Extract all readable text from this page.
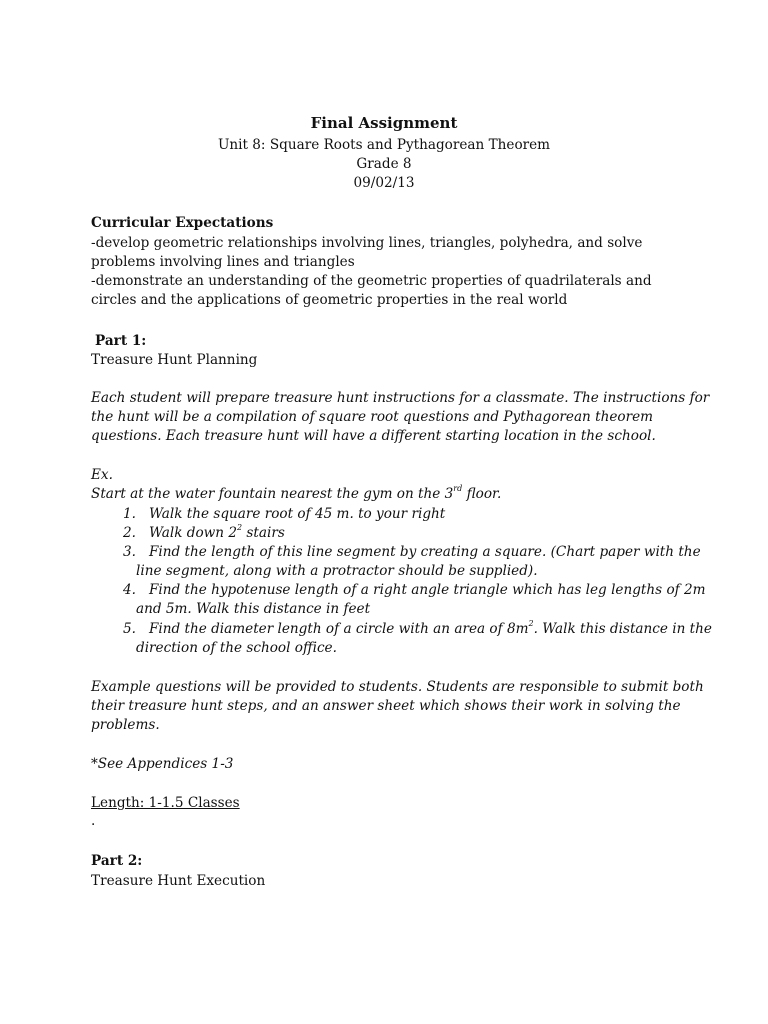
Final Assignment
Unit 8: Square Roots and Pythagorean Theorem
Grade 8
09/02/13
Curricular Expectations
-develop geometric relationships involving lines, triangles, polyhedra, and solve
problems involving lines and triangles
-demonstrate an understanding of the geometric properties of quadrilaterals and
circles and the applications of geometric properties in the real world
Part 1:
Treasure Hunt Planning
Each student will prepare treasure hunt instructions for a classmate. The instructions for
the hunt will be a compilation of square root questions and Pythagorean theorem
questions. Each treasure hunt will have a different starting location in the school.
Ex.
Start at the water fountain nearest the gym on the 3rd floor.
1. Walk the square root of 45 m. to your right
2. Walk down $2^2$ stairs
3. Find the length of this line segment by creating a square. (Chart paper with the
line segment, along with a protractor should be supplied).
4. Find the hypotenuse length of a right angle triangle which has leg lengths of 2m
and 5m. Walk this distance in feet
5. Find the diameter length of a circle with an area of $8m^2$. Walk this distance in the
direction of the school office.
Example questions will be provided to students. Students are responsible to submit both
their treasure hunt steps, and an answer sheet which shows their work in solving the
problems.
*See Appendices 1-3
Length: 1-1.5 Classes
.
Part 2:
Treasure Hunt Execution
